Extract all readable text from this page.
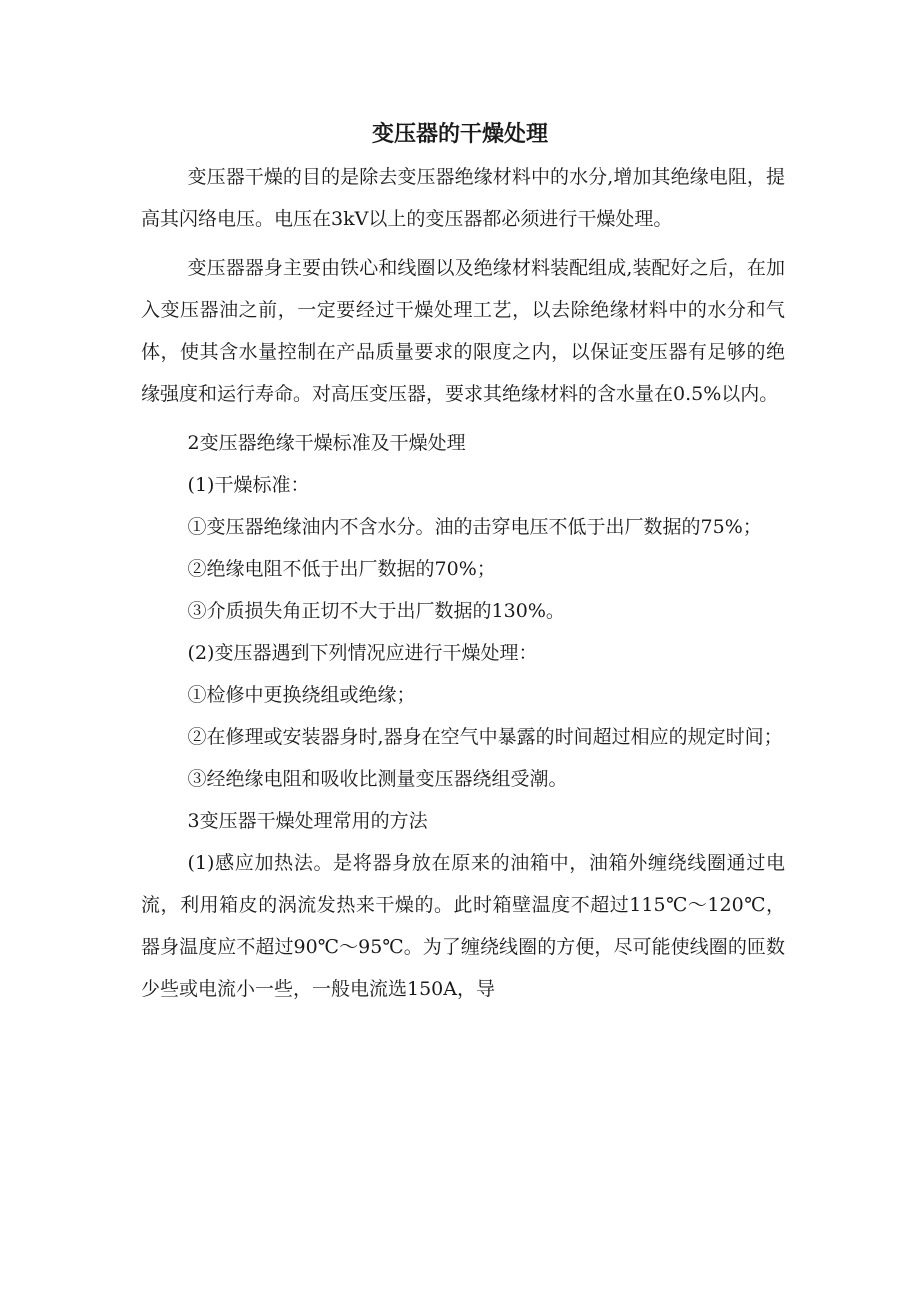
变压器的干燥处理

变压器干燥的目的是除去变压器绝缘材料中的水分,增加其绝缘电阻，提高其闪络电压。电压在3kV以上的变压器都必须进行干燥处理。

变压器器身主要由铁心和线圈以及绝缘材料装配组成,装配好之后，在加入变压器油之前，一定要经过干燥处理工艺，以去除绝缘材料中的水分和气体，使其含水量控制在产品质量要求的限度之内，以保证变压器有足够的绝缘强度和运行寿命。对高压变压器，要求其绝缘材料的含水量在0.5%以内。

2变压器绝缘干燥标准及干燥处理

(1)干燥标准：

①变压器绝缘油内不含水分。油的击穿电压不低于出厂数据的75%；

②绝缘电阻不低于出厂数据的70%；

③介质损失角正切不大于出厂数据的130%。

(2)变压器遇到下列情况应进行干燥处理：

①检修中更换绕组或绝缘；

②在修理或安装器身时,器身在空气中暴露的时间超过相应的规定时间；

③经绝缘电阻和吸收比测量变压器绕组受潮。

3变压器干燥处理常用的方法

(1)感应加热法。是将器身放在原来的油箱中，油箱外缠绕线圈通过电流，利用箱皮的涡流发热来干燥的。此时箱壁温度不超过115℃～120℃，器身温度应不超过90℃～95℃。为了缠绕线圈的方便，尽可能使线圈的匝数少些或电流小一些，一般电流选150A，导
